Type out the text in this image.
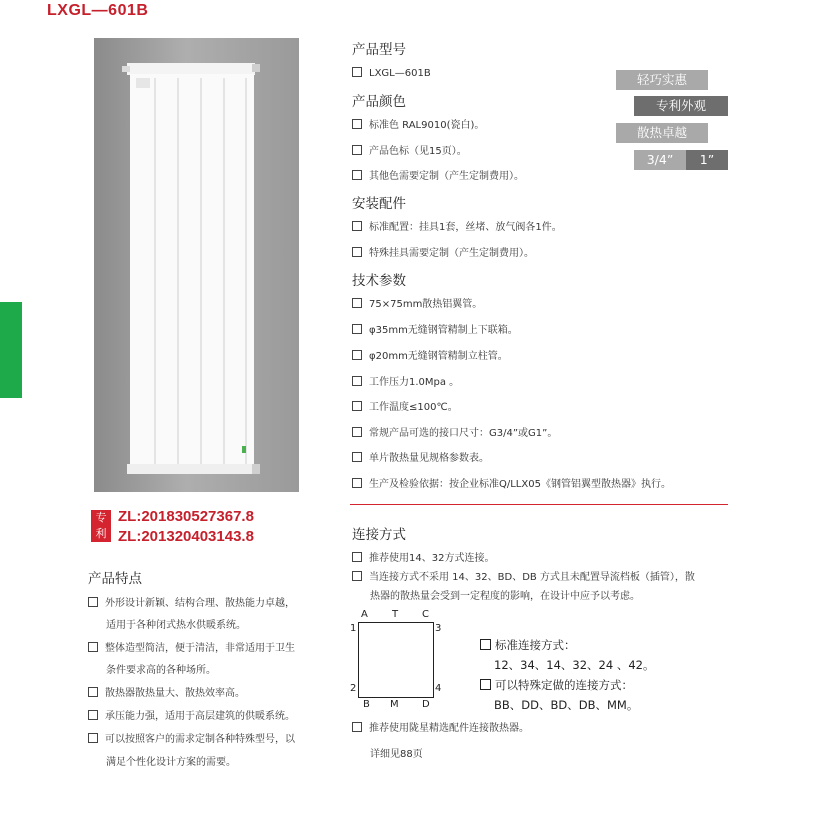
LXGL—601B
产品型号
LXGL—601B
产品颜色
标准色 RAL9010(瓷白)。
产品色标（见15页）。
其他色需要定制（产生定制费用）。
安装配件
标准配置：挂具1套，丝堵、放气阀各1件。
特殊挂具需要定制（产生定制费用）。
技术参数
75×75mm散热铝翼管。
φ35mm无缝钢管精制上下联箱。
φ20mm无缝钢管精制立柱管。
工作压力1.0Mpa 。
工作温度≤100℃。
常规产品可选的接口尺寸：G3/4”或G1”。
单片散热量见规格参数表。
生产及检验依据：按企业标准Q/LLX05《钢管铝翼型散热器》执行。
轻巧实惠
专利外观
散热卓越
3/4”	1”
专
利
ZL:201830527367.8
ZL:201320403143.8
产品特点
外形设计新颖、结构合理、散热能力卓越，
适用于各种闭式热水供暖系统。
整体造型简洁，便于清洁，非常适用于卫生
条件要求高的各种场所。
散热器散热量大、散热效率高。
承压能力强，适用于高层建筑的供暖系统。
可以按照客户的需求定制各种特殊型号，以
满足个性化设计方案的需要。
连接方式
推荐使用14、32方式连接。
当连接方式不采用 14、32、BD、DB 方式且未配置导流档板（插管），散
热器的散热量会受到一定程度的影响，在设计中应予以考虑。
A T C
1	3
2	4
B M D
标准连接方式：
12、34、14、32、24 、42。
可以特殊定做的连接方式：
BB、DD、BD、DB、MM。
推荐使用陇星精选配件连接散热器。
详细见88页
